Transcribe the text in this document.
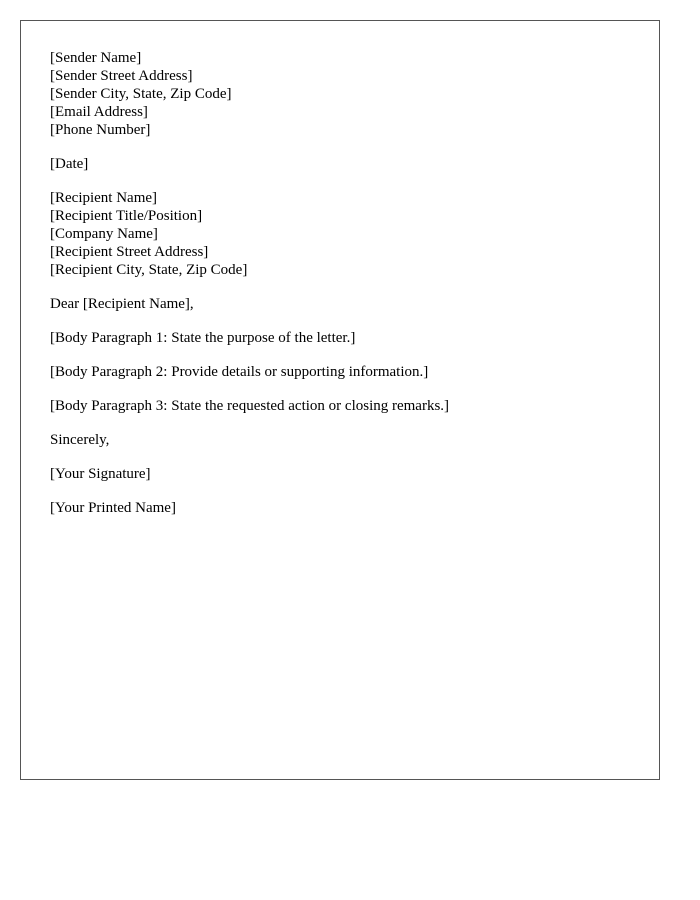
[Sender Name]
[Sender Street Address]
[Sender City, State, Zip Code]
[Email Address]
[Phone Number]
[Date]
[Recipient Name]
[Recipient Title/Position]
[Company Name]
[Recipient Street Address]
[Recipient City, State, Zip Code]
Dear [Recipient Name],
[Body Paragraph 1: State the purpose of the letter.]
[Body Paragraph 2: Provide details or supporting information.]
[Body Paragraph 3: State the requested action or closing remarks.]
Sincerely,
[Your Signature]
[Your Printed Name]
